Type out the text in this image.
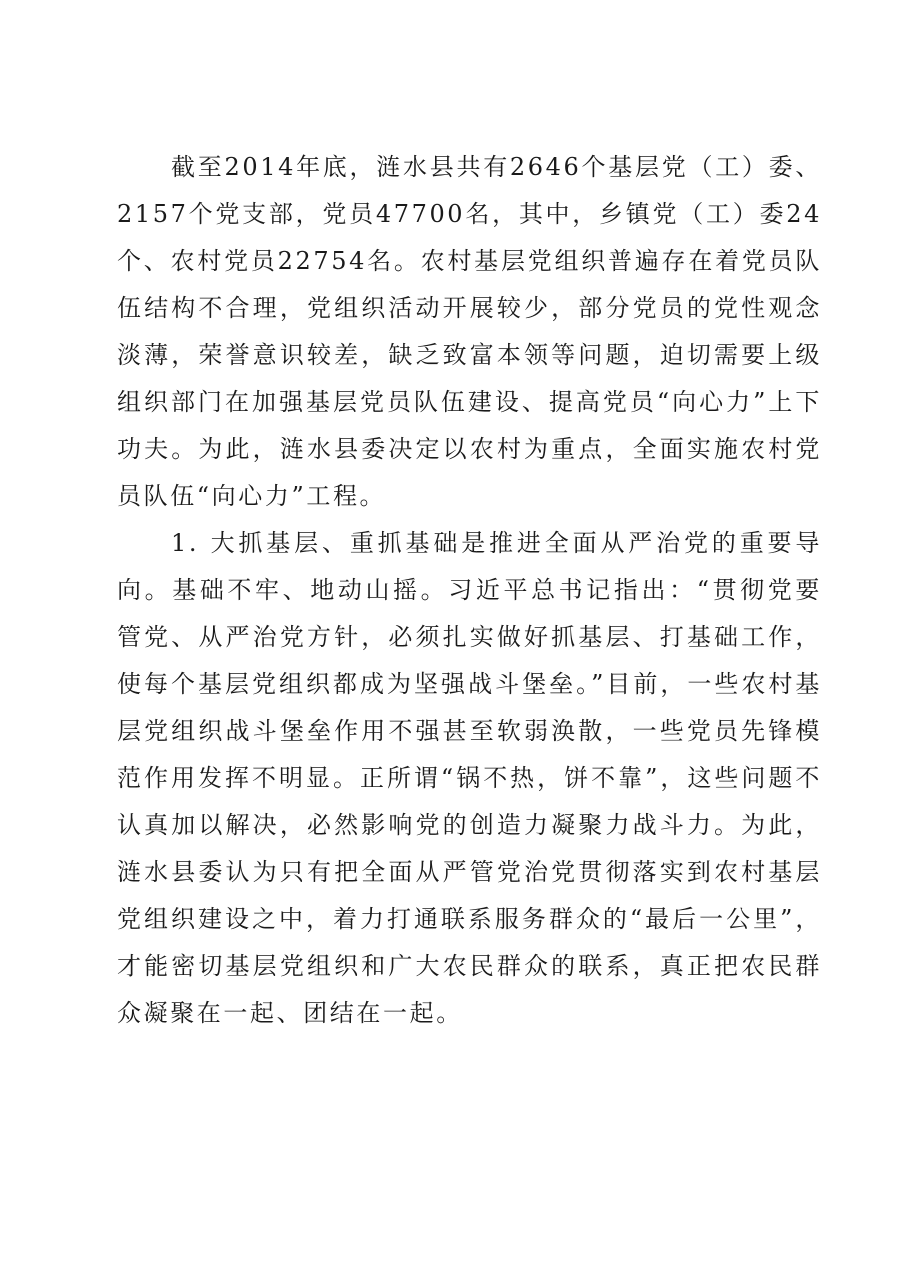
截至2014年底，涟水县共有2646个基层党（工）委、2157个党支部，党员47700名，其中，乡镇党（工）委24个、农村党员22754名。农村基层党组织普遍存在着党员队伍结构不合理，党组织活动开展较少，部分党员的党性观念淡薄，荣誉意识较差，缺乏致富本领等问题，迫切需要上级组织部门在加强基层党员队伍建设、提高党员“向心力”上下功夫。为此，涟水县委决定以农村为重点，全面实施农村党员队伍“向心力”工程。

1. 大抓基层、重抓基础是推进全面从严治党的重要导向。基础不牢、地动山摇。习近平总书记指出：“贯彻党要管党、从严治党方针，必须扎实做好抓基层、打基础工作，使每个基层党组织都成为坚强战斗堡垒。”目前，一些农村基层党组织战斗堡垒作用不强甚至软弱涣散，一些党员先锋模范作用发挥不明显。正所谓“锅不热，饼不靠”，这些问题不认真加以解决，必然影响党的创造力凝聚力战斗力。为此，涟水县委认为只有把全面从严管党治党贯彻落实到农村基层党组织建设之中，着力打通联系服务群众的“最后一公里”，才能密切基层党组织和广大农民群众的联系，真正把农民群众凝聚在一起、团结在一起。
